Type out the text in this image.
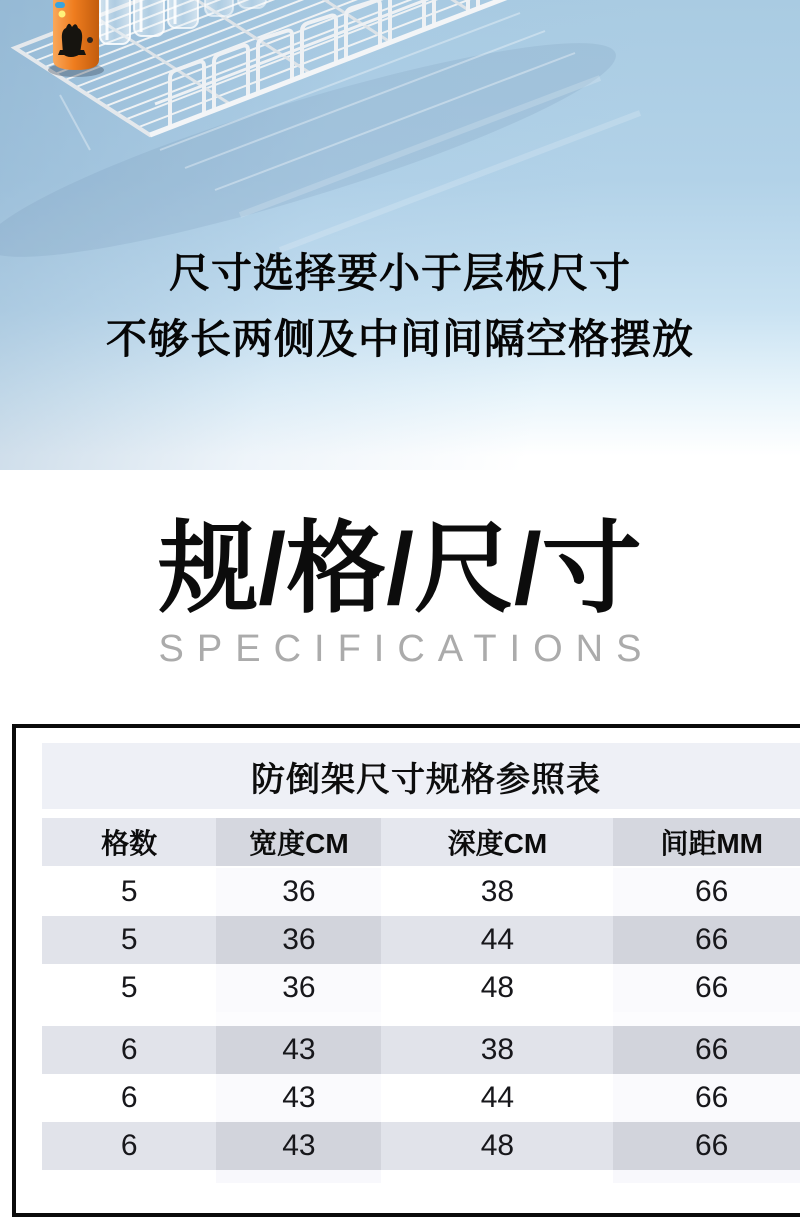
尺寸选择要小于层板尺寸
不够长两侧及中间间隔空格摆放
规/格/尺/寸
SPECIFICATIONS
防倒架尺寸规格参照表
格数	宽度CM	深度CM	间距MM
5	36	38	66
5	36	44	66
5	36	48	66
6	43	38	66
6	43	44	66
6	43	48	66
